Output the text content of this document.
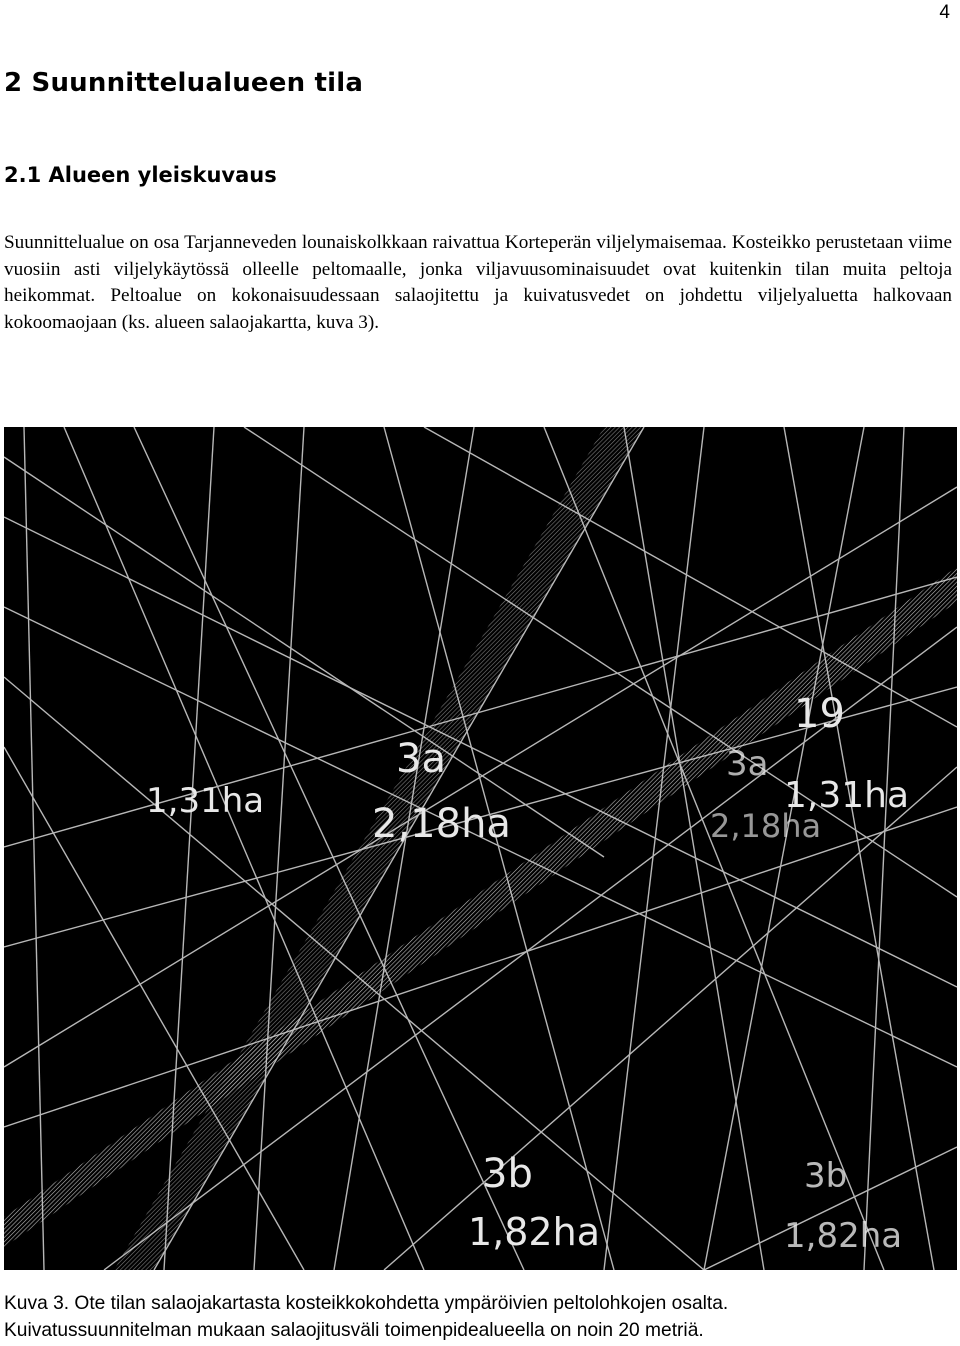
4
2 Suunnittelualueen tila
2.1 Alueen yleiskuvaus

Suunnittelualue on osa Tarjanneveden lounaiskolkkaan raivattua Korteperän viljelymaisemaa. Kosteikko perustetaan viime vuosiin asti viljelykäytössä olleelle peltomaalle, jonka viljavuusominaisuudet ovat kuitenkin tilan muita peltoja heikommat. Peltoalue on kokonaisuudessaan salaojitettu ja kuivatusvedet on johdettu viljelyaluetta halkovaan kokoomaojaan (ks. alueen salaojakartta, kuva 3).

3a
2,18ha
1,31ha
19
1,31ha
3a
2,18ha
3b
1,82ha
3b
1,82ha
Kuva 3. Ote tilan salaojakartasta kosteikkokohdetta ympäröivien peltolohkojen osalta.
Kuivatussuunnitelman mukaan salaojitusväli toimenpidealueella on noin 20 metriä.
